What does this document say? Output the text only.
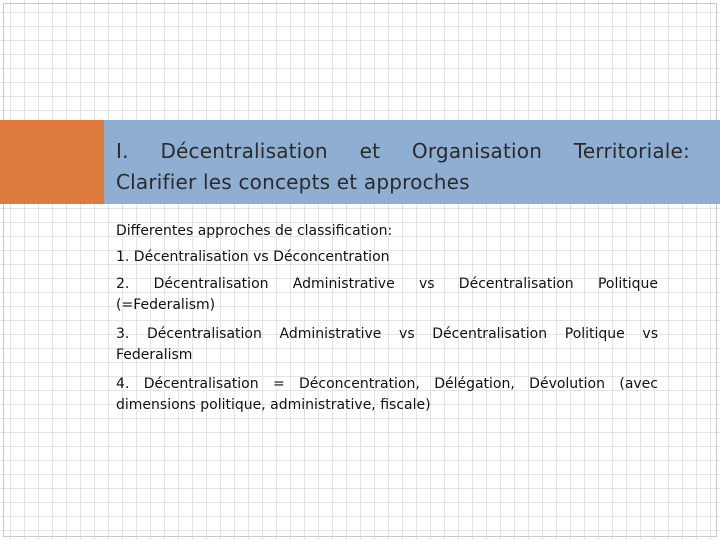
I. Décentralisation et Organisation Territoriale:
Clarifier les concepts et approches

Differentes approches de classification:

1. Décentralisation vs Déconcentration

2. Décentralisation Administrative vs Décentralisation Politique (=Federalism)

3. Décentralisation Administrative vs Décentralisation Politique vs Federalism

4. Décentralisation = Déconcentration, Délégation, Dévolution (avec dimensions politique, administrative, fiscale)
